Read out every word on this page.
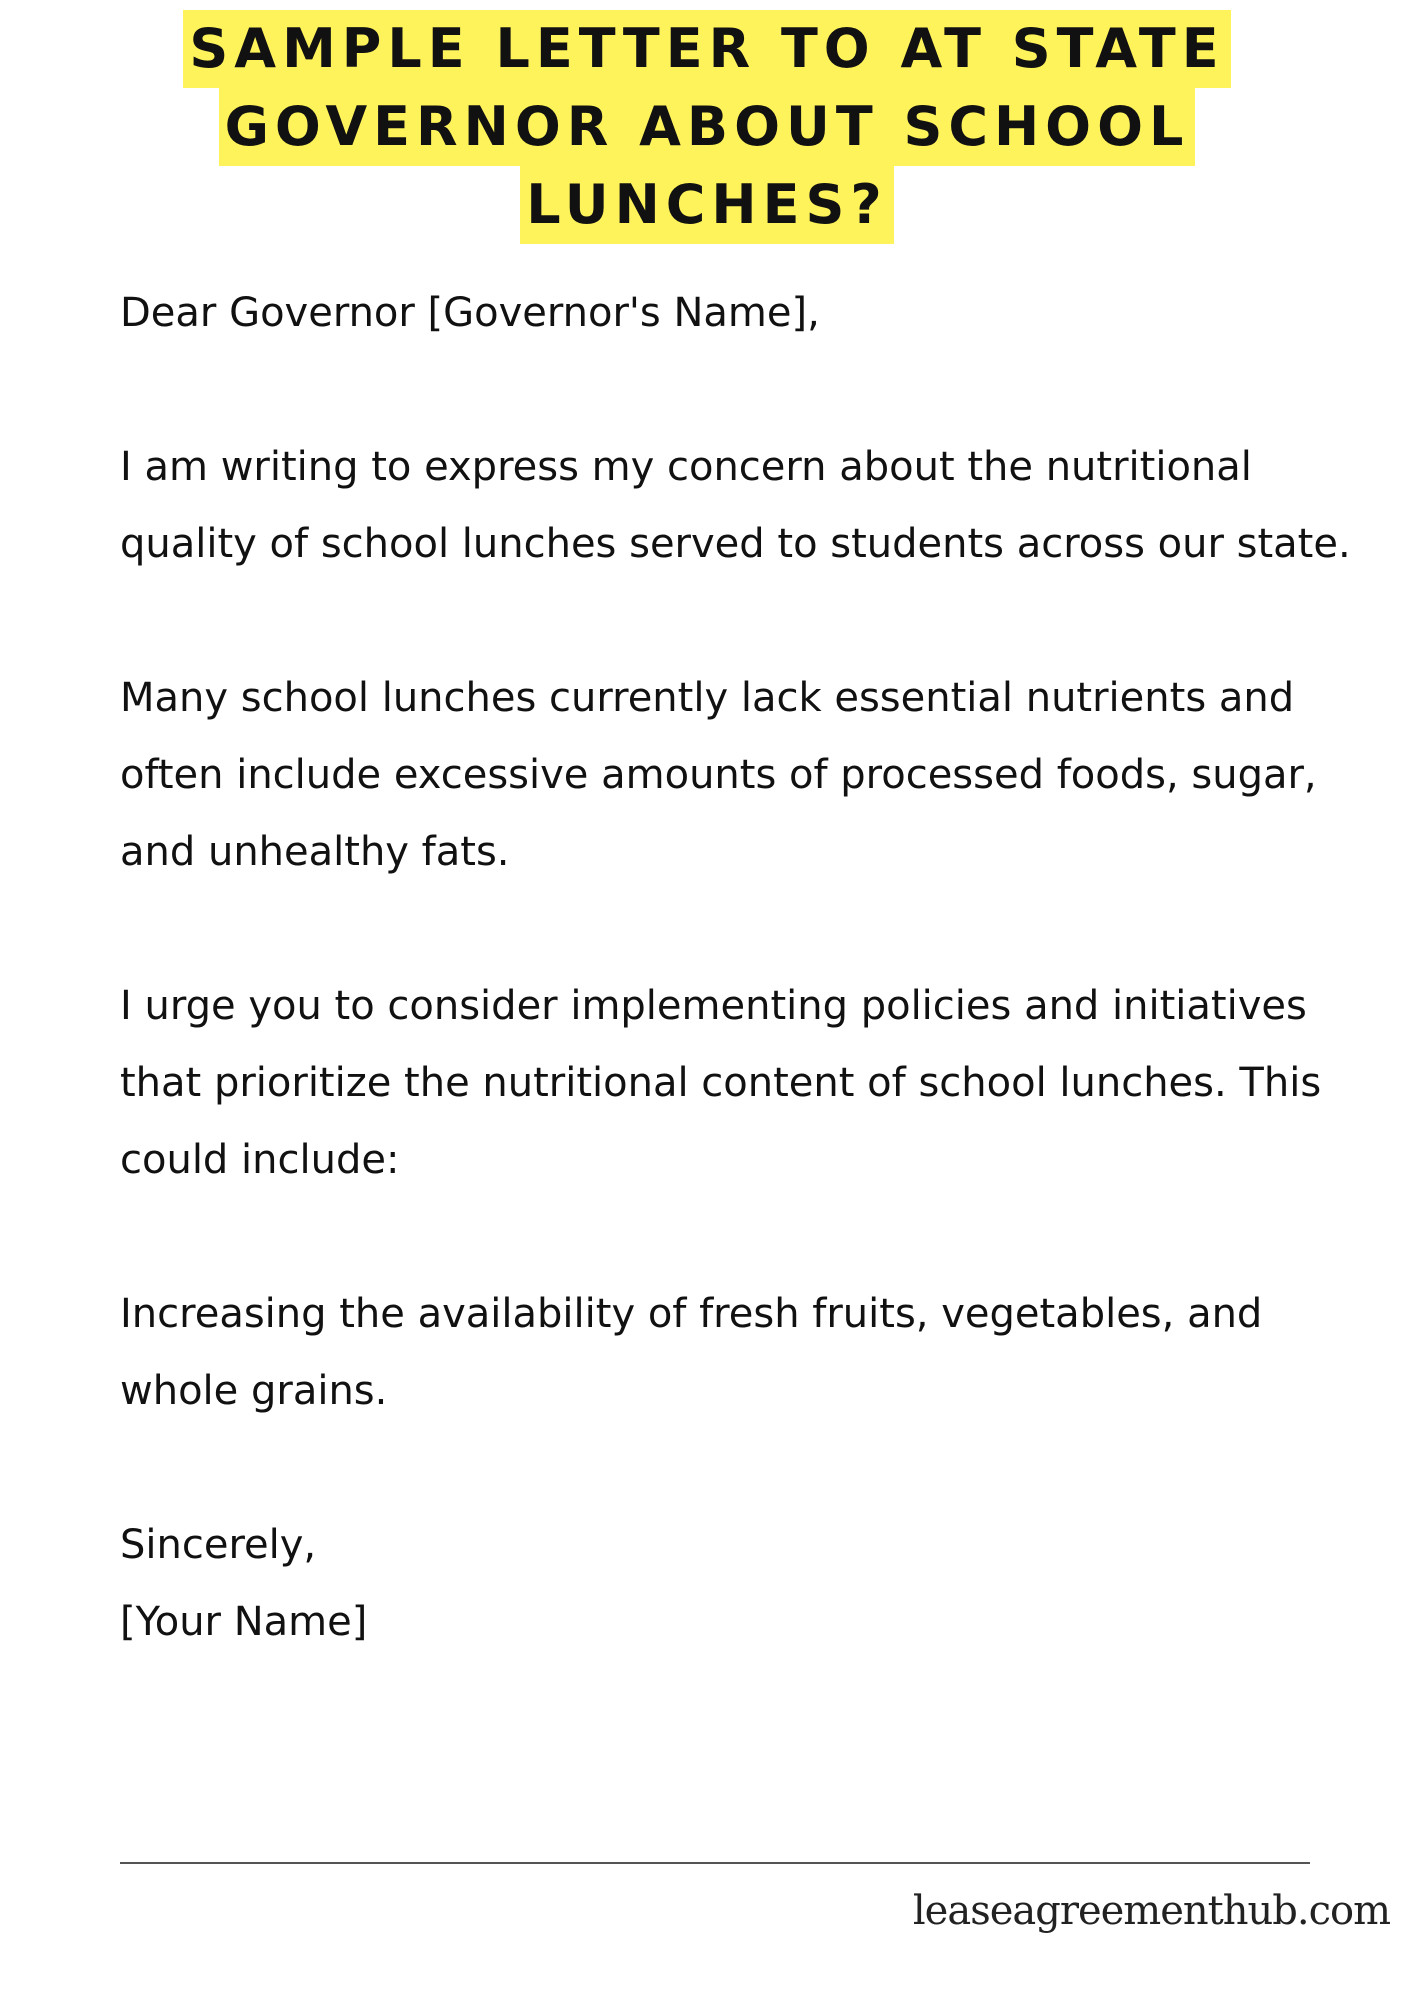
SAMPLE LETTER TO AT STATE
GOVERNOR ABOUT SCHOOL
LUNCHES?

Dear Governor [Governor's Name],

I am writing to express my concern about the nutritional quality of school lunches served to students across our state.

Many school lunches currently lack essential nutrients and often include excessive amounts of processed foods, sugar, and unhealthy fats.

I urge you to consider implementing policies and initiatives that prioritize the nutritional content of school lunches. This could include:

Increasing the availability of fresh fruits, vegetables, and whole grains.

Sincerely,

[Your Name]

leaseagreementhub.com
